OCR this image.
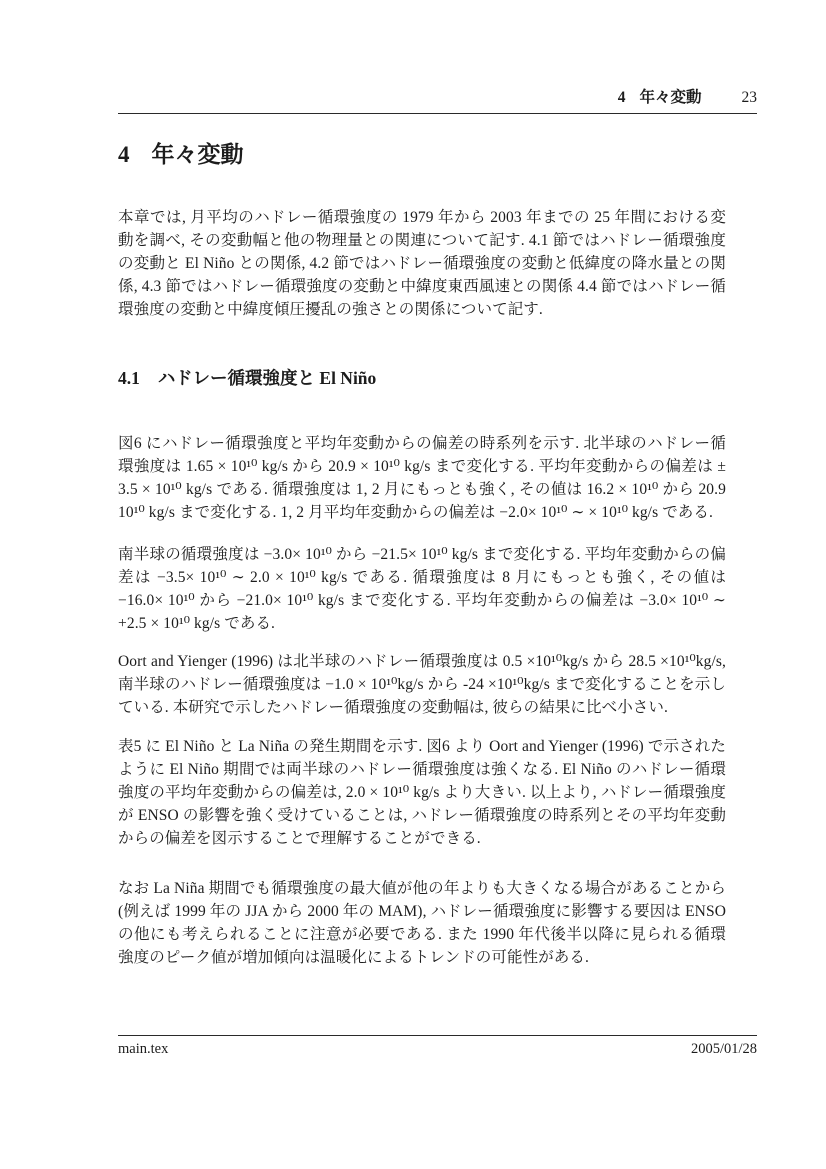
4 年々変動	23
4 年々変動

本章では, 月平均のハドレー循環強度の 1979 年から 2003 年までの 25 年間における変動を調べ, その変動幅と他の物理量との関連について記す. 4.1 節ではハドレー循環強度の変動と El Niño との関係, 4.2 節ではハドレー循環強度の変動と低緯度の降水量との関係, 4.3 節ではハドレー循環強度の変動と中緯度東西風速との関係 4.4 節ではハドレー循環強度の変動と中緯度傾圧擾乱の強さとの関係について記す.

4.1 ハドレー循環強度と El Niño

図6 にハドレー循環強度と平均年変動からの偏差の時系列を示す. 北半球のハドレー循環強度は 1.65 × 10¹⁰ kg/s から 20.9 × 10¹⁰ kg/s まで変化する. 平均年変動からの偏差は ± 3.5 × 10¹⁰ kg/s である. 循環強度は 1, 2 月にもっとも強く, その値は 16.2 × 10¹⁰ から 20.9 10¹⁰ kg/s まで変化する. 1, 2 月平均年変動からの偏差は −2.0× 10¹⁰ ∼ × 10¹⁰ kg/s である.

南半球の循環強度は −3.0× 10¹⁰ から −21.5× 10¹⁰ kg/s まで変化する. 平均年変動からの偏差は −3.5× 10¹⁰ ∼ 2.0 × 10¹⁰ kg/s である. 循環強度は 8 月にもっとも強く, その値は −16.0× 10¹⁰ から −21.0× 10¹⁰ kg/s まで変化する. 平均年変動からの偏差は −3.0× 10¹⁰ ∼ +2.5 × 10¹⁰ kg/s である.

Oort and Yienger (1996) は北半球のハドレー循環強度は 0.5 ×10¹⁰kg/s から 28.5 ×10¹⁰kg/s, 南半球のハドレー循環強度は −1.0 × 10¹⁰kg/s から -24 ×10¹⁰kg/s まで変化することを示している. 本研究で示したハドレー循環強度の変動幅は, 彼らの結果に比べ小さい.

表5 に El Niño と La Niña の発生期間を示す. 図6 より Oort and Yienger (1996) で示されたように El Niño 期間では両半球のハドレー循環強度は強くなる. El Niño のハドレー循環強度の平均年変動からの偏差は, 2.0 × 10¹⁰ kg/s より大きい. 以上より, ハドレー循環強度が ENSO の影響を強く受けていることは, ハドレー循環強度の時系列とその平均年変動からの偏差を図示することで理解することができる.

なお La Niña 期間でも循環強度の最大値が他の年よりも大きくなる場合があることから (例えば 1999 年の JJA から 2000 年の MAM), ハドレー循環強度に影響する要因は ENSO の他にも考えられることに注意が必要である. また 1990 年代後半以降に見られる循環強度のピーク値が増加傾向は温暖化によるトレンドの可能性がある.

main.tex	2005/01/28
